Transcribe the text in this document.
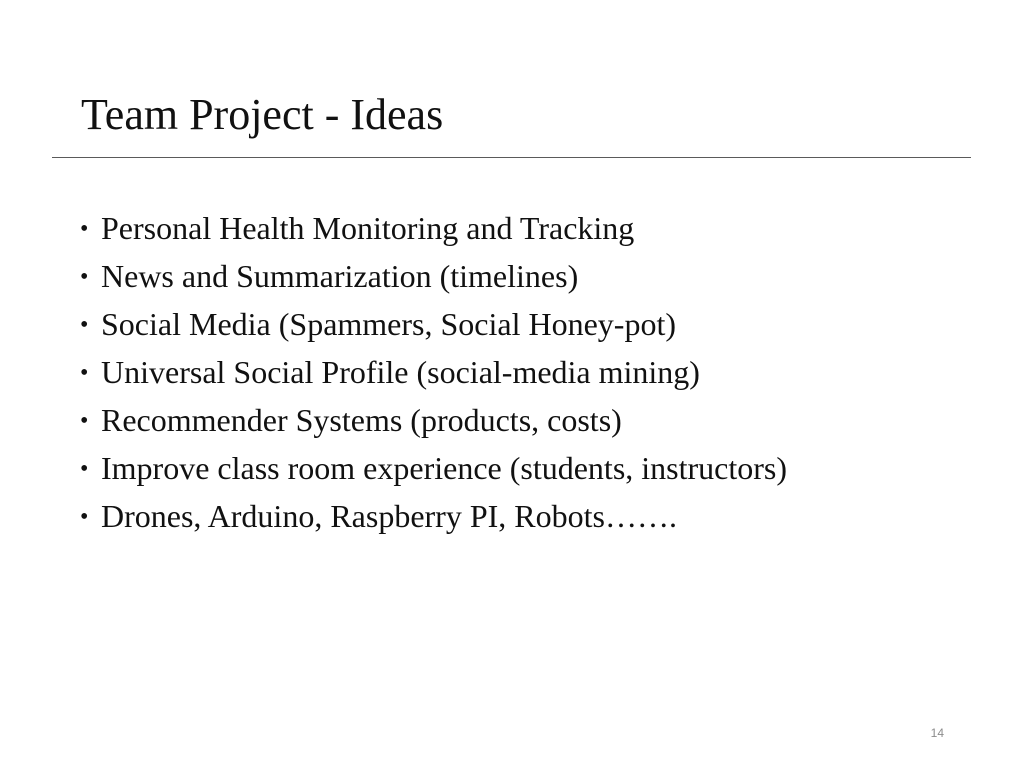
Team Project - Ideas
• Personal Health Monitoring and Tracking
• News and Summarization (timelines)
• Social Media (Spammers, Social Honey-pot)
• Universal Social Profile (social-media mining)
• Recommender Systems (products, costs)
• Improve class room experience (students, instructors)
• Drones, Arduino, Raspberry PI, Robots…….
14
